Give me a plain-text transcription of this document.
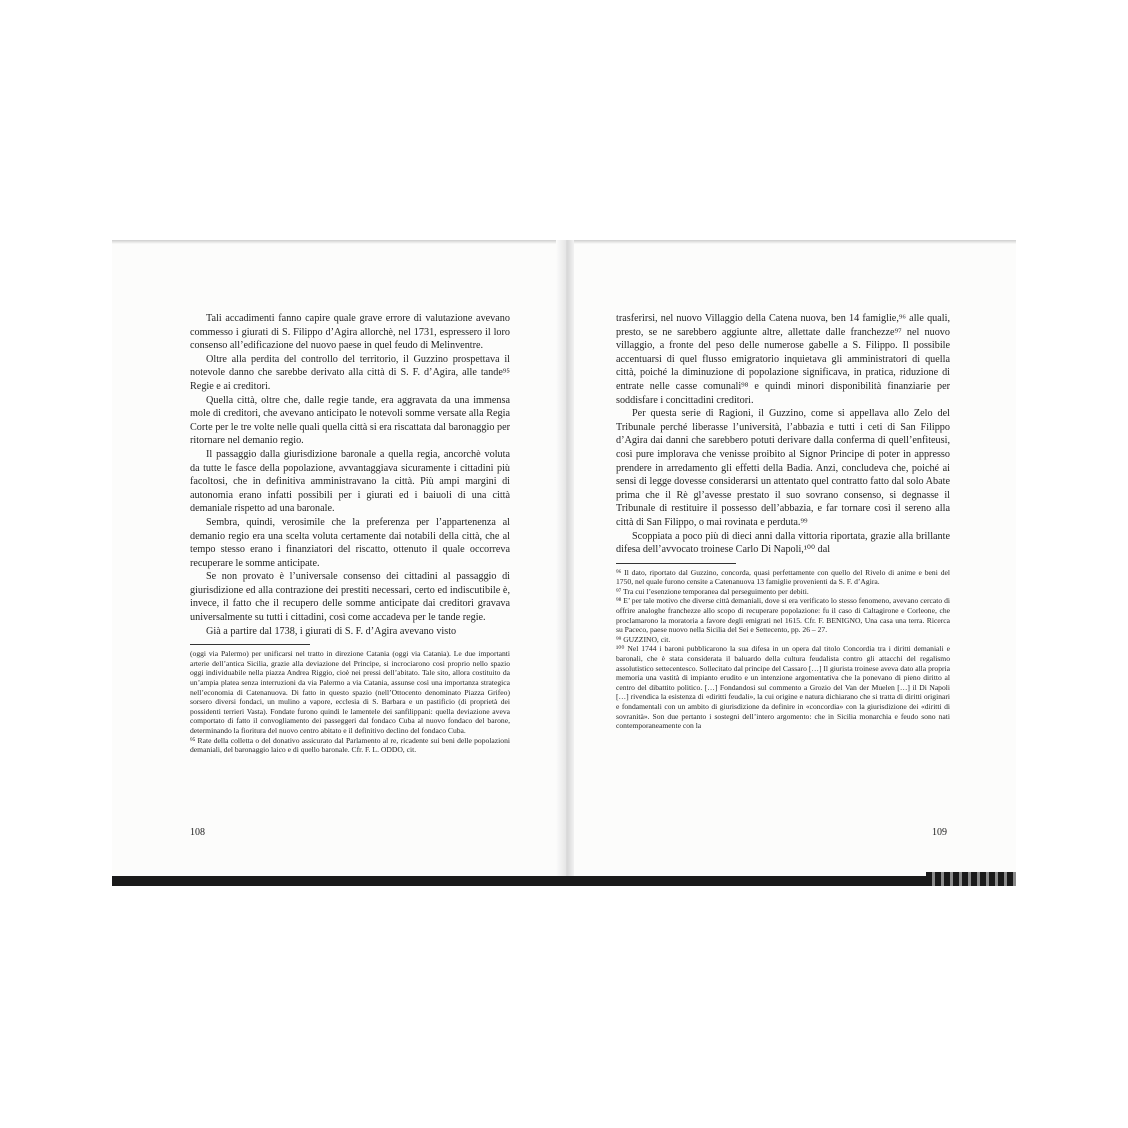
Tali accadimenti fanno capire quale grave errore di valutazione avevano commesso i giurati di S. Filippo d’Agira allorchè, nel 1731, espressero il loro consenso all’edificazione del nuovo paese in quel feudo di Melinventre.

Oltre alla perdita del controllo del territorio, il Guzzino prospettava il notevole danno che sarebbe derivato alla città di S. F. d’Agira, alle tande⁹⁵ Regie e ai creditori.

Quella città, oltre che, dalle regie tande, era aggravata da una immensa mole di creditori, che avevano anticipato le notevoli somme versate alla Regia Corte per le tre volte nelle quali quella città si era riscattata dal baronaggio per ritornare nel demanio regio.

Il passaggio dalla giurisdizione baronale a quella regia, ancorchè voluta da tutte le fasce della popolazione, avvantaggiava sicuramente i cittadini più facoltosi, che in definitiva amministravano la città. Più ampi margini di autonomia erano infatti possibili per i giurati ed i baiuoli di una città demaniale rispetto ad una baronale.

Sembra, quindi, verosimile che la preferenza per l’appartenenza al demanio regio era una scelta voluta certamente dai notabili della città, che al tempo stesso erano i finanziatori del riscatto, ottenuto il quale occorreva recuperare le somme anticipate.

Se non provato è l’universale consenso dei cittadini al passaggio di giurisdizione ed alla contrazione dei prestiti necessari, certo ed indiscutibile è, invece, il fatto che il recupero delle somme anticipate dai creditori gravava universalmente su tutti i cittadini, così come accadeva per le tande regie.

Già a partire dal 1738, i giurati di S. F. d’Agira avevano visto

(oggi via Palermo) per unificarsi nel tratto in direzione Catania (oggi via Catania). Le due importanti arterie dell’antica Sicilia, grazie alla deviazione del Principe, si incrociarono così proprio nello spazio oggi individuabile nella piazza Andrea Riggio, cioè nei pressi dell’abitato. Tale sito, allora costituito da un’ampia platea senza interruzioni da via Palermo a via Catania, assunse così una importanza strategica nell’economia di Catenanuova. Di fatto in questo spazio (nell’Ottocento denominato Piazza Grifeo) sorsero diversi fondaci, un mulino a vapore, ecclesia di S. Barbara e un pastificio (di proprietà dei possidenti terrieri Vasta). Fondate furono quindi le lamentele dei sanfilippani: quella deviazione aveva comportato di fatto il convogliamento dei passeggeri dal fondaco Cuba al nuovo fondaco del barone, determinando la fioritura del nuovo centro abitato e il definitivo declino del fondaco Cuba.

⁹⁵ Rate della colletta o del donativo assicurato dal Parlamento al re, ricadente sui beni delle popolazioni demaniali, del baronaggio laico e di quello baronale. Cfr. F. L. ODDO, cit.

108

trasferirsi, nel nuovo Villaggio della Catena nuova, ben 14 famiglie,⁹⁶ alle quali, presto, se ne sarebbero aggiunte altre, allettate dalle franchezze⁹⁷ nel nuovo villaggio, a fronte del peso delle numerose gabelle a S. Filippo. Il possibile accentuarsi di quel flusso emigratorio inquietava gli amministratori di quella città, poiché la diminuzione di popolazione significava, in pratica, riduzione di entrate nelle casse comunali⁹⁸ e quindi minori disponibilità finanziarie per soddisfare i concittadini creditori.

Per questa serie di Ragioni, il Guzzino, come si appellava allo Zelo del Tribunale perché liberasse l’università, l’abbazia e tutti i ceti di San Filippo d’Agira dai danni che sarebbero potuti derivare dalla conferma di quell’enfiteusi, così pure implorava che venisse proibito al Signor Principe di poter in appresso prendere in arredamento gli effetti della Badia. Anzi, concludeva che, poiché ai sensi di legge dovesse considerarsi un attentato quel contratto fatto dal solo Abate prima che il Rè gl’avesse prestato il suo sovrano consenso, si degnasse il Tribunale di restituire il possesso dell’abbazia, e far tornare così il sereno alla città di San Filippo, o mai rovinata e perduta.⁹⁹

Scoppiata a poco più di dieci anni dalla vittoria riportata, grazie alla brillante difesa dell’avvocato troinese Carlo Di Napoli,¹⁰⁰ dal

⁹⁶ Il dato, riportato dal Guzzino, concorda, quasi perfettamente con quello del Rivelo di anime e beni del 1750, nel quale furono censite a Catenanuova 13 famiglie provenienti da S. F. d’Agira.

⁹⁷ Tra cui l’esenzione temporanea dal perseguimento per debiti.

⁹⁸ E’ per tale motivo che diverse città demaniali, dove si era verificato lo stesso fenomeno, avevano cercato di offrire analoghe franchezze allo scopo di recuperare popolazione: fu il caso di Caltagirone e Corleone, che proclamarono la moratoria a favore degli emigrati nel 1615. Cfr. F. BENIGNO, Una casa una terra. Ricerca su Paceco, paese nuovo nella Sicilia del Sei e Settecento, pp. 26 – 27.

⁹⁹ GUZZINO, cit.

¹⁰⁰ Nel 1744 i baroni pubblicarono la sua difesa in un opera dal titolo Concordia tra i diritti demaniali e baronali, che è stata considerata il baluardo della cultura feudalista contro gli attacchi del regalismo assolutistico settecentesco. Sollecitato dal principe del Cassaro […] Il giurista troinese aveva dato alla propria memoria una vastità di impianto erudito e un intenzione argomentativa che la ponevano di pieno diritto al centro del dibattito politico. […] Fondandosi sul commento a Grozio del Van der Muelen […] il Di Napoli […] rivendica la esistenza di «diritti feudali», la cui origine e natura dichiarano che si tratta di diritti originari e fondamentali con un ambito di giurisdizione da definire in «concordia» con la giurisdizione dei «diritti di sovranità». Son due pertanto i sostegni dell’intero argomento: che in Sicilia monarchia e feudo sono nati contemporaneamente con la

109
